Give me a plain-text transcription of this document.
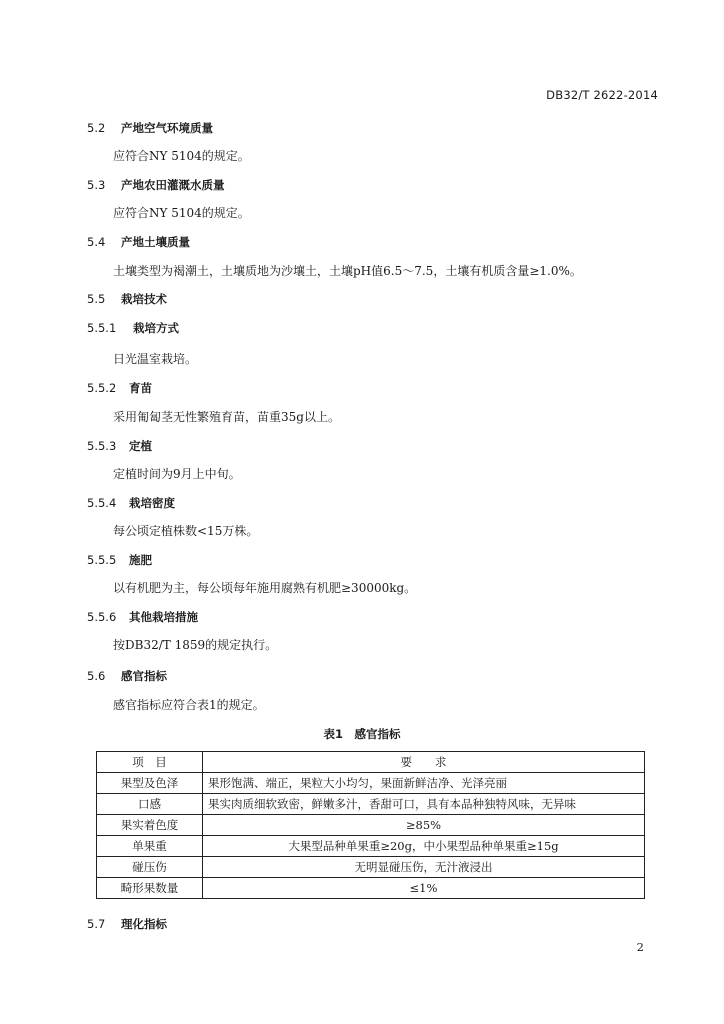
DB32/T 2622-2014
5.2 产地空气环境质量
应符合NY 5104的规定。
5.3 产地农田灌溉水质量
应符合NY 5104的规定。
5.4 产地土壤质量
土壤类型为褐潮土，土壤质地为沙壤土，土壤pH值6.5～7.5，土壤有机质含量≥1.0%。
5.5 栽培技术
5.5.1 栽培方式
日光温室栽培。
5.5.2 育苗
采用匍匐茎无性繁殖育苗，苗重35g以上。
5.5.3 定植
定植时间为9月上中旬。
5.5.4 栽培密度
每公顷定植株数<15万株。
5.5.5 施肥
以有机肥为主，每公顷每年施用腐熟有机肥≥30000kg。
5.5.6 其他栽培措施
按DB32/T 1859的规定执行。
5.6 感官指标
感官指标应符合表1的规定。
表1　感官指标
项　目	要　　求
果型及色泽	果形饱满、端正，果粒大小均匀，果面新鲜洁净、光泽亮丽
口感	果实肉质细软致密，鲜嫩多汁，香甜可口，具有本品种独特风味，无异味
果实着色度	≥85%
单果重	大果型品种单果重≥20g，中小果型品种单果重≥15g
碰压伤	无明显碰压伤，无汁液浸出
畸形果数量	≤1%
5.7 理化指标
2
